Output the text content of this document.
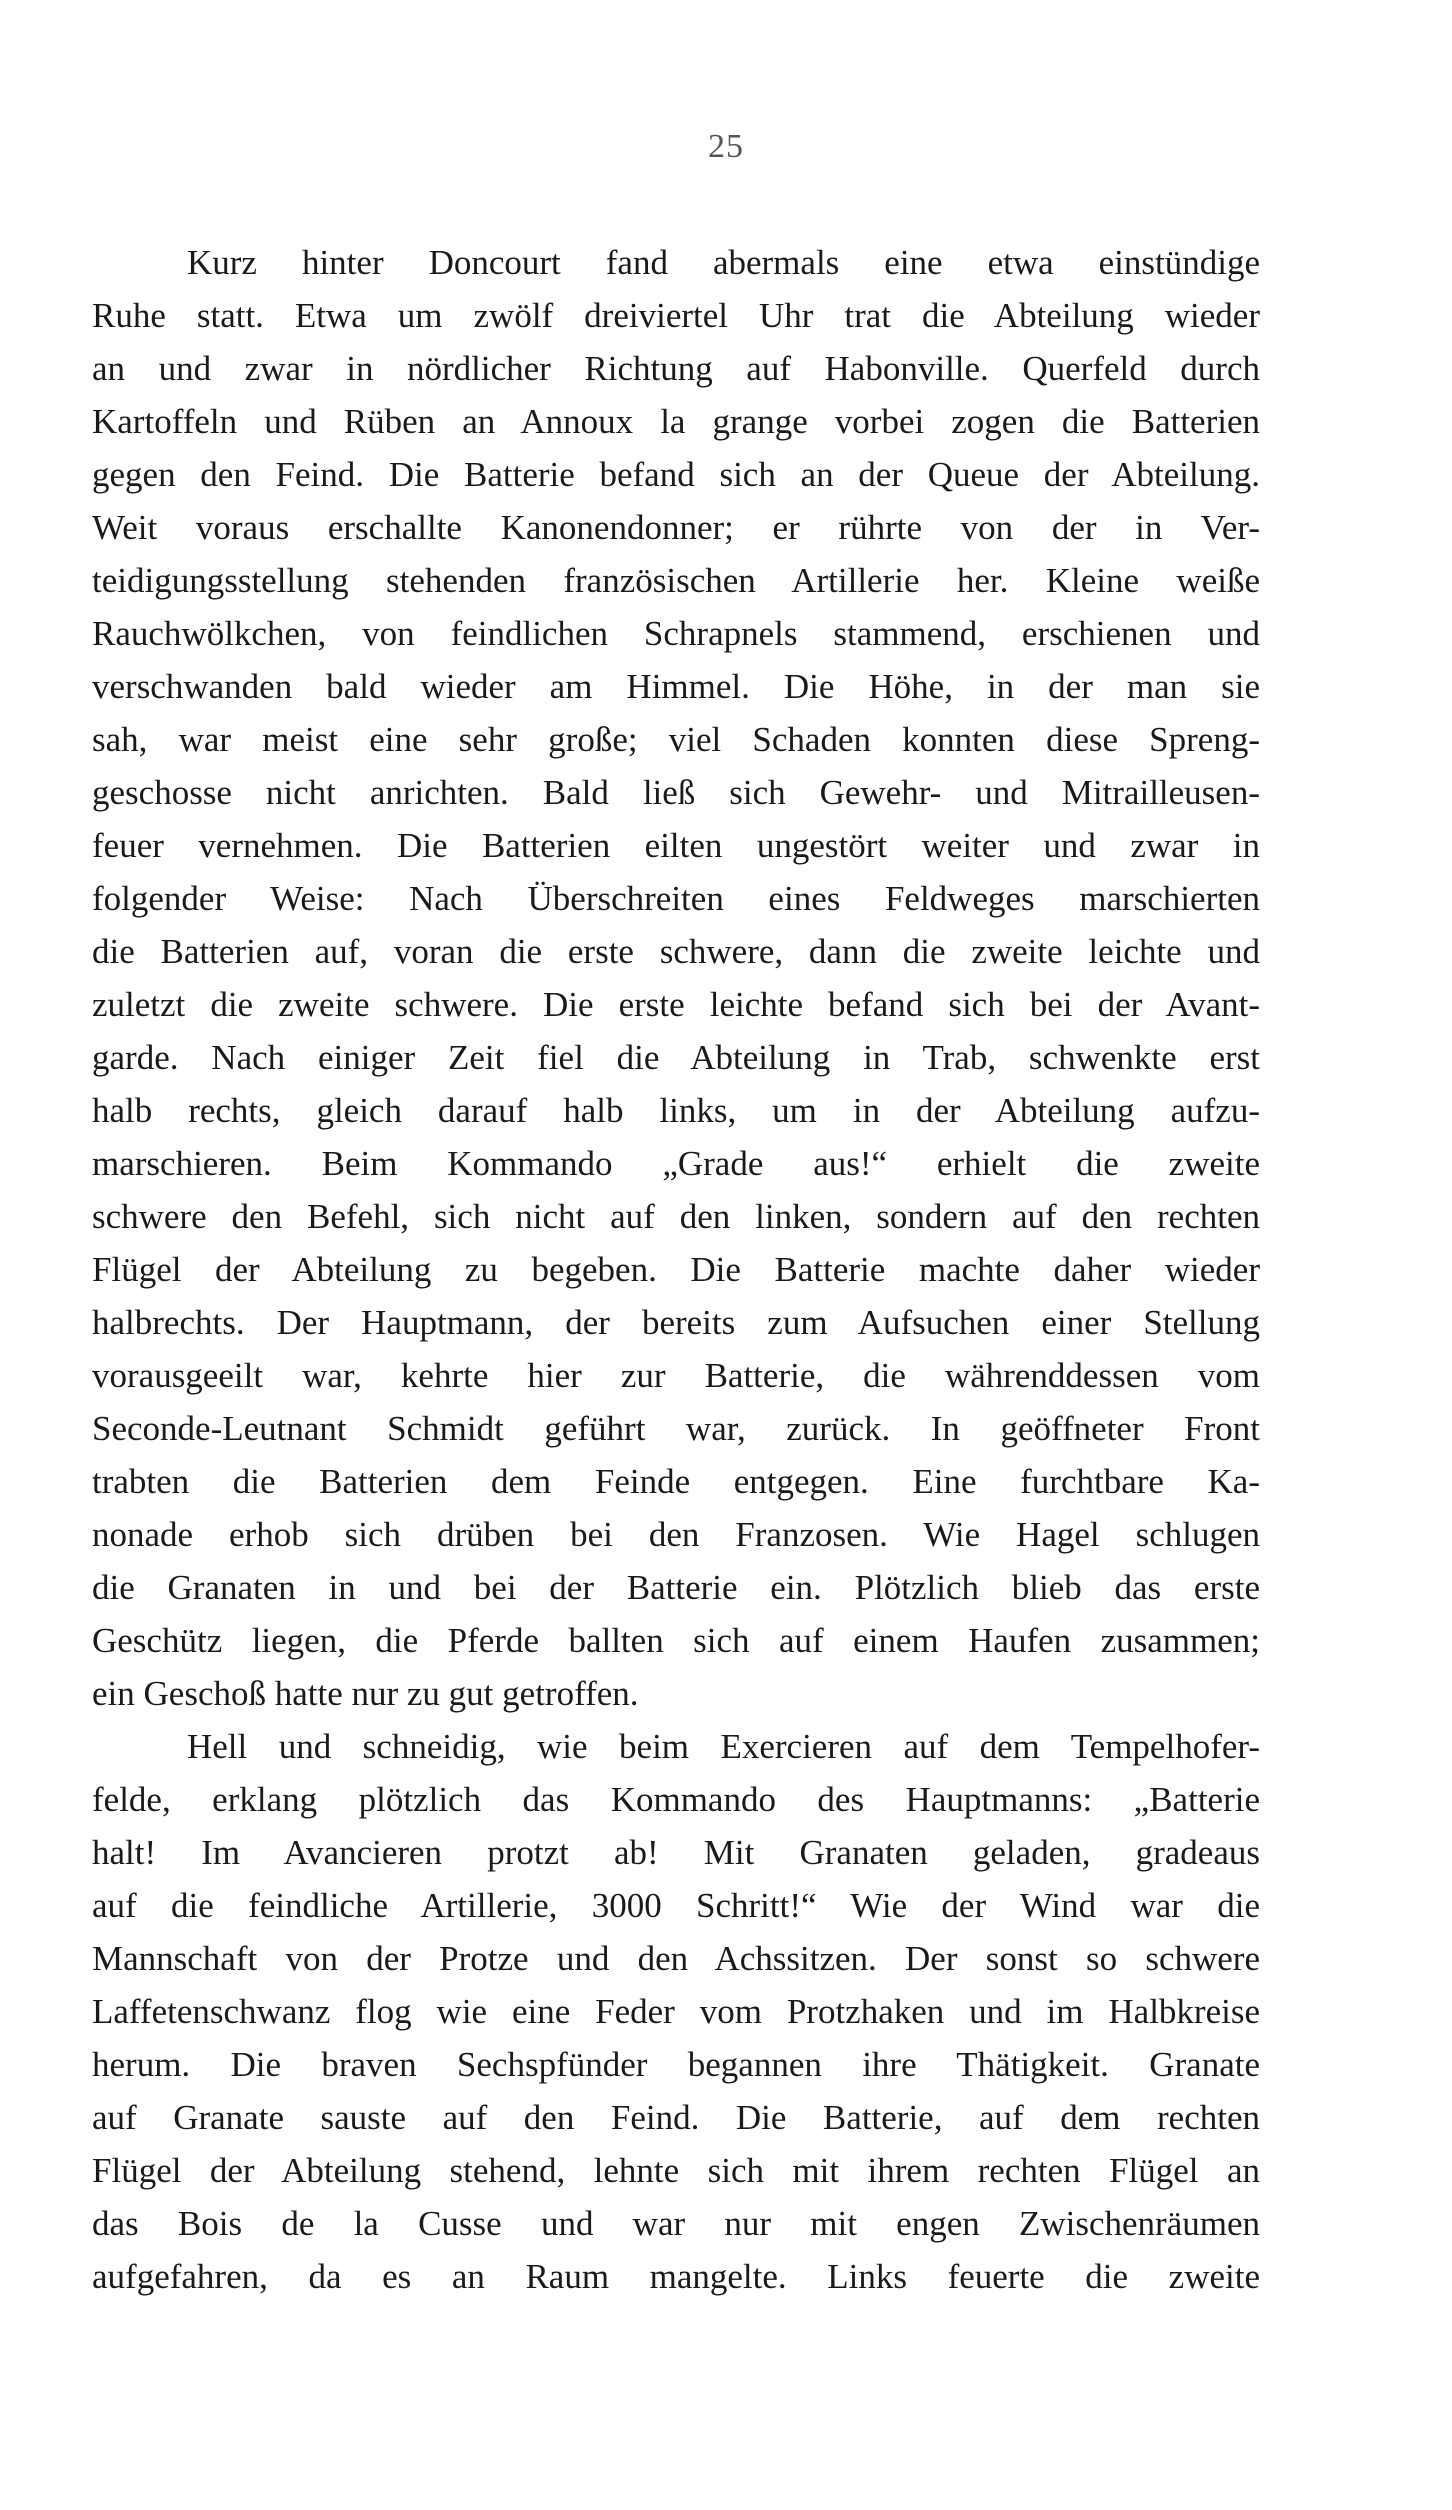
25
Kurz hinter Doncourt fand abermals eine etwa einstündige
Ruhe statt. Etwa um zwölf dreiviertel Uhr trat die Abteilung wieder
an und zwar in nördlicher Richtung auf Habonville. Querfeld durch
Kartoffeln und Rüben an Annoux la grange vorbei zogen die Batterien
gegen den Feind. Die Batterie befand sich an der Queue der Abteilung.
Weit voraus erschallte Kanonendonner; er rührte von der in Ver-
teidigungsstellung stehenden französischen Artillerie her. Kleine weiße
Rauchwölkchen, von feindlichen Schrapnels stammend, erschienen und
verschwanden bald wieder am Himmel. Die Höhe, in der man sie
sah, war meist eine sehr große; viel Schaden konnten diese Spreng-
geschosse nicht anrichten. Bald ließ sich Gewehr- und Mitrailleusen-
feuer vernehmen. Die Batterien eilten ungestört weiter und zwar in
folgender Weise: Nach Überschreiten eines Feldweges marschierten
die Batterien auf, voran die erste schwere, dann die zweite leichte und
zuletzt die zweite schwere. Die erste leichte befand sich bei der Avant-
garde. Nach einiger Zeit fiel die Abteilung in Trab, schwenkte erst
halb rechts, gleich darauf halb links, um in der Abteilung aufzu-
marschieren. Beim Kommando „Grade aus!“ erhielt die zweite
schwere den Befehl, sich nicht auf den linken, sondern auf den rechten
Flügel der Abteilung zu begeben. Die Batterie machte daher wieder
halbrechts. Der Hauptmann, der bereits zum Aufsuchen einer Stellung
vorausgeeilt war, kehrte hier zur Batterie, die währenddessen vom
Seconde-Leutnant Schmidt geführt war, zurück. In geöffneter Front
trabten die Batterien dem Feinde entgegen. Eine furchtbare Ka-
nonade erhob sich drüben bei den Franzosen. Wie Hagel schlugen
die Granaten in und bei der Batterie ein. Plötzlich blieb das erste
Geschütz liegen, die Pferde ballten sich auf einem Haufen zusammen;
ein Geschoß hatte nur zu gut getroffen.
Hell und schneidig, wie beim Exercieren auf dem Tempelhofer-
felde, erklang plötzlich das Kommando des Hauptmanns: „Batterie
halt! Im Avancieren protzt ab! Mit Granaten geladen, gradeaus
auf die feindliche Artillerie, 3000 Schritt!“ Wie der Wind war die
Mannschaft von der Protze und den Achssitzen. Der sonst so schwere
Laffetenschwanz flog wie eine Feder vom Protzhaken und im Halbkreise
herum. Die braven Sechspfünder begannen ihre Thätigkeit. Granate
auf Granate sauste auf den Feind. Die Batterie, auf dem rechten
Flügel der Abteilung stehend, lehnte sich mit ihrem rechten Flügel an
das Bois de la Cusse und war nur mit engen Zwischenräumen
aufgefahren, da es an Raum mangelte. Links feuerte die zweite
